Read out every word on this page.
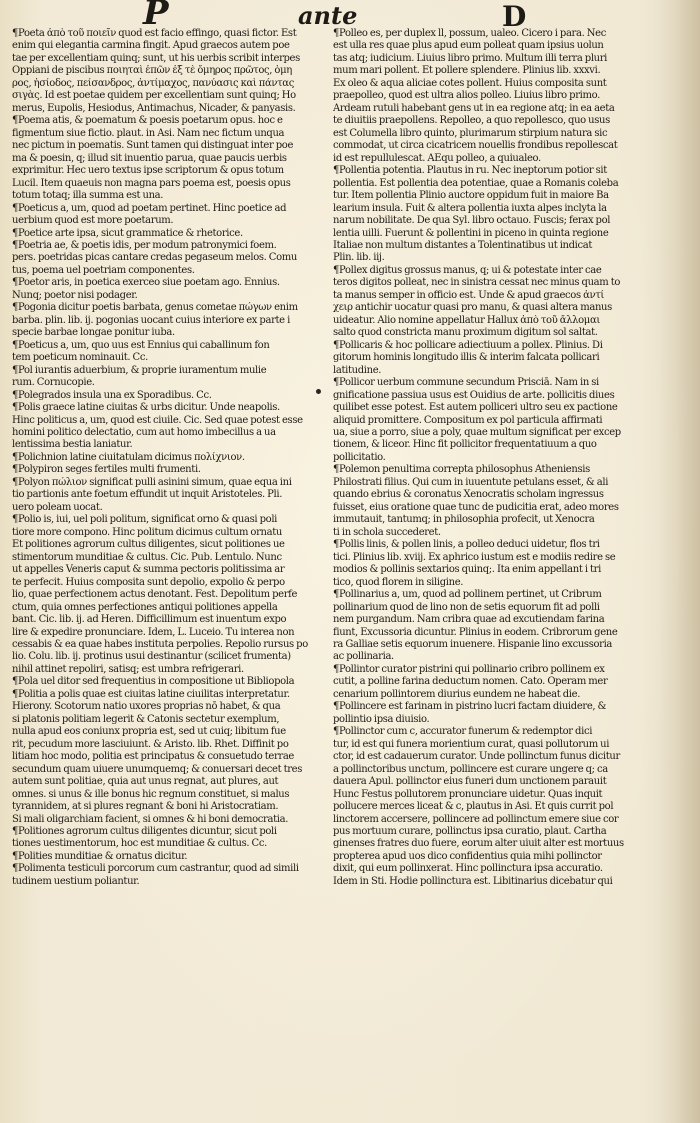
P	ante	D
¶Poeta ἀπὸ τοῦ ποιεῖν quod est facio effingo, quasi fictor. Est
enim qui elegantia carmina fingit. Apud graecos autem poe
tae per excellentiam quinq; sunt, ut his uerbis scribit interpes
Oppiani de piscibus ποιηταὶ ἐπῶν ἐξ τὲ ὄμηρος πρῶτος, ὁμη
ρος, ἡσίοδος, πείσανδρος, ἀντίμαχος, πανύασις καὶ πάντας
σιγὰς. Id est poetae quidem per excellentiam sunt quinq; Ho
merus, Eupolis, Hesiodus, Antimachus, Nicader, & panyasis.
¶Poema atis, & poematum & poesis poetarum opus. hoc e
figmentum siue fictio. plaut. in Asi. Nam nec fictum unqua
nec pictum in poematis. Sunt tamen qui distinguat inter poe
ma & poesin, q; illud sit inuentio parua, quae paucis uerbis
exprimitur. Hec uero textus ipse scriptorum & opus totum
Lucil. Item quaeuis non magna pars poema est, poesis opus
totum totaq; illa summa est una.
¶Poeticus a, um, quod ad poetam pertinet. Hinc poetice ad
uerbium quod est more poetarum.
¶Poetice arte ipsa, sicut grammatice & rhetorice.
¶Poetria ae, & poetis idis, per modum patronymici foem.
pers. poetridas picas cantare credas pegaseum melos. Comu
tus, poema uel poetriam componentes.
¶Poetor aris, in poetica exerceo siue poetam ago. Ennius.
Nunq; poetor nisi podager.
¶Pogonia dicitur poetis barbata, genus cometae πώγων enim
barba. plin. lib. ij. pogonias uocant cuius interiore ex parte i
specie barbae longae ponitur iuba.
¶Poeticus a, um, quo uus est Ennius qui caballinum fon
tem poeticum nominauit. Cc.
¶Pol iurantis aduerbium, & proprie iuramentum mulie
rum. Cornucopie.
¶Polegrados insula una ex Sporadibus. Cc.
¶Polis graece latine ciuitas & urbs dicitur. Unde neapolis.
Hinc politicus a, um, quod est ciuile. Cic. Sed quae potest esse
homini politico delectatio, cum aut homo imbecillus a ua
lentissima bestia laniatur.
¶Polichnion latine ciuitatulam dicimus πολίχνιον.
¶Polypiron seges fertiles multi frumenti.
¶Polyon πώλιον significat pulli asinini simum, quae equa ini
tio partionis ante foetum effundit ut inquit Aristoteles. Pli.
uero poleam uocat.
¶Polio is, iui, uel poli politum, significat orno & quasi poli
tiore more compono. Hinc politum dicimus cultum ornatu
Et politiones agrorum cultus diligentes, sicut politiones ue
stimentorum munditiae & cultus. Cic. Pub. Lentulo. Nunc
ut appelles Veneris caput & summa pectoris politissima ar
te perfecit. Huius composita sunt depolio, expolio & perpo
lio, quae perfectionem actus denotant. Fest. Depolitum perfe
ctum, quia omnes perfectiones antiqui politiones appella
bant. Cic. lib. ij. ad Heren. Difficillimum est inuentum expo
lire & expedire pronunciare. Idem, L. Luceio. Tu interea non
cessabis & ea quae habes instituta perpolies. Repolio rursus po
lio. Colu. lib. ij. protinus usui destinantur (scilicet frumenta)
nihil attinet repoliri, satisq; est umbra refrigerari.
¶Pola uel ditor sed frequentius in compositione ut Bibliopola
¶Politia a polis quae est ciuitas latine ciuilitas interpretatur.
Hierony. Scotorum natio uxores proprias nō habet, & qua
si platonis politiam legerit & Catonis sectetur exemplum,
nulla apud eos coniunx propria est, sed ut cuiq; libitum fue
rit, pecudum more lasciuiunt. & Aristo. lib. Rhet. Diffinit po
litiam hoc modo, politia est principatus & consuetudo terrae
secundum quam uiuere unumquemq; & conuersari decet tres
autem sunt politiae, quia aut unus regnat, aut plures, aut
omnes. si unus & ille bonus hic regnum constituet, si malus
tyrannidem, at si plures regnant & boni hi Aristocratiam.
Si mali oligarchiam facient, si omnes & hi boni democratia.
¶Politiones agrorum cultus diligentes dicuntur, sicut poli
tiones uestimentorum, hoc est munditiae & cultus. Cc.
¶Polities munditiae & ornatus dicitur.
¶Polimenta testiculi porcorum cum castrantur, quod ad simili
tudinem uestium poliantur.
¶Polleo es, per duplex ll, possum, ualeo. Cicero i para. Nec
est ulla res quae plus apud eum polleat quam ipsius uolun
tas atq; iudicium. Liuius libro primo. Multum illi terra pluri
mum mari pollent. Et pollere splendere. Plinius lib. xxxvi.
Ex oleo & aqua aliciae cotes pollent. Huius composita sunt
praepolleo, quod est ultra alios polleo. Liuius libro primo.
Ardeam rutuli habebant gens ut in ea regione atq; in ea aeta
te diuitiis praepollens. Repolleo, a quo repollesco, quo usus
est Columella libro quinto, plurimarum stirpium natura sic
commodat, ut circa cicatricem nouellis frondibus repollescat
id est repullulescat. AEqu polleo, a quiualeo.
¶Pollentia potentia. Plautus in ru. Nec ineptorum potior sit
pollentia. Est pollentia dea potentiae, quae a Romanis coleba
tur. Item pollentia Plinio auctore oppidum fuit in maiore Ba
learium insula. Fuit & altera pollentia iuxta alpes inclyta la
narum nobilitate. De qua Syl. libro octauo. Fuscis; ferax pol
lentia uilli. Fuerunt & pollentini in piceno in quinta regione
Italiae non multum distantes a Tolentinatibus ut indicat
Plin. lib. iij.
¶Pollex digitus grossus manus, q; ui & potestate inter cae
teros digitos polleat, nec in sinistra cessat nec minus quam to
ta manus semper in officio est. Unde & apud graecos ἀντί
χειρ antichir uocatur quasi pro manu, & quasi altera manus
uideatur. Alio nomine appellatur Hallux ἀπὸ τοῦ ἄλλομαι
salto quod constricta manu proximum digitum sol saltat.
¶Pollicaris & hoc pollicare adiectiuum a pollex. Plinius. Di
gitorum hominis longitudo illis & interim falcata pollicari
latitudine.
¶Pollicor uerbum commune secundum Prisciā. Nam in si
gnificatione passiua usus est Ouidius de arte. pollicitis diues
quilibet esse potest. Est autem polliceri ultro seu ex pactione
aliquid promittere. Compositum ex pol particula affirmati
ua, siue a porro, siue a poly, quae multum significat per excep
tionem, & liceor. Hinc fit pollicitor frequentatiuum a quo
pollicitatio.
¶Polemon penultima correpta philosophus Atheniensis
Philostrati filius. Qui cum in iuuentute petulans esset, & ali
quando ebrius & coronatus Xenocratis scholam ingressus
fuisset, eius oratione quae tunc de pudicitia erat, adeo mores
immutauit, tantumq; in philosophia profecit, ut Xenocra
ti in schola succederet.
¶Pollis linis, & pollen linis, a polleo deduci uidetur, flos tri
tici. Plinius lib. xviij. Ex aphrico iustum est e modiis redire se
modios & pollinis sextarios quinq;. Ita enim appellant i tri
tico, quod florem in siligine.
¶Pollinarius a, um, quod ad pollinem pertinet, ut Cribrum
pollinarium quod de lino non de setis equorum fit ad polli
nem purgandum. Nam cribra quae ad excutiendam farina
fiunt, Excussoria dicuntur. Plinius in eodem. Cribrorum gene
ra Galliae setis equorum inuenere. Hispanie lino excussoria
ac pollinaria.
¶Pollintor curator pistrini qui pollinario cribro pollinem ex
cutit, a polline farina deductum nomen. Cato. Operam mer
cenarium pollintorem diurius eundem ne habeat die.
¶Pollincere est farinam in pistrino lucri factam diuidere, &
pollintio ipsa diuisio.
¶Pollinctor cum c, accurator funerum & redemptor dici
tur, id est qui funera morientium curat, quasi pollutorum ui
ctor, id est cadauerum curator. Unde pollinctum funus dicitur
a pollinctoribus unctum, pollincere est curare ungere q; ca
dauera Apul. pollinctor eius funeri dum unctionem parauit
Hunc Festus pollutorem pronunciare uidetur. Quas inquit
pollucere merces liceat & c, plautus in Asi. Et quis currit pol
linctorem accersere, pollincere ad pollinctum emere siue cor
pus mortuum curare, pollinctus ipsa curatio, plaut. Cartha
ginenses fratres duo fuere, eorum alter uiuit alter est mortuus
propterea apud uos dico confidentius quia mihi pollinctor
dixit, qui eum pollinxerat. Hinc pollinctura ipsa accuratio.
Idem in Sti. Hodie pollinctura est. Libitinarius dicebatur qui
